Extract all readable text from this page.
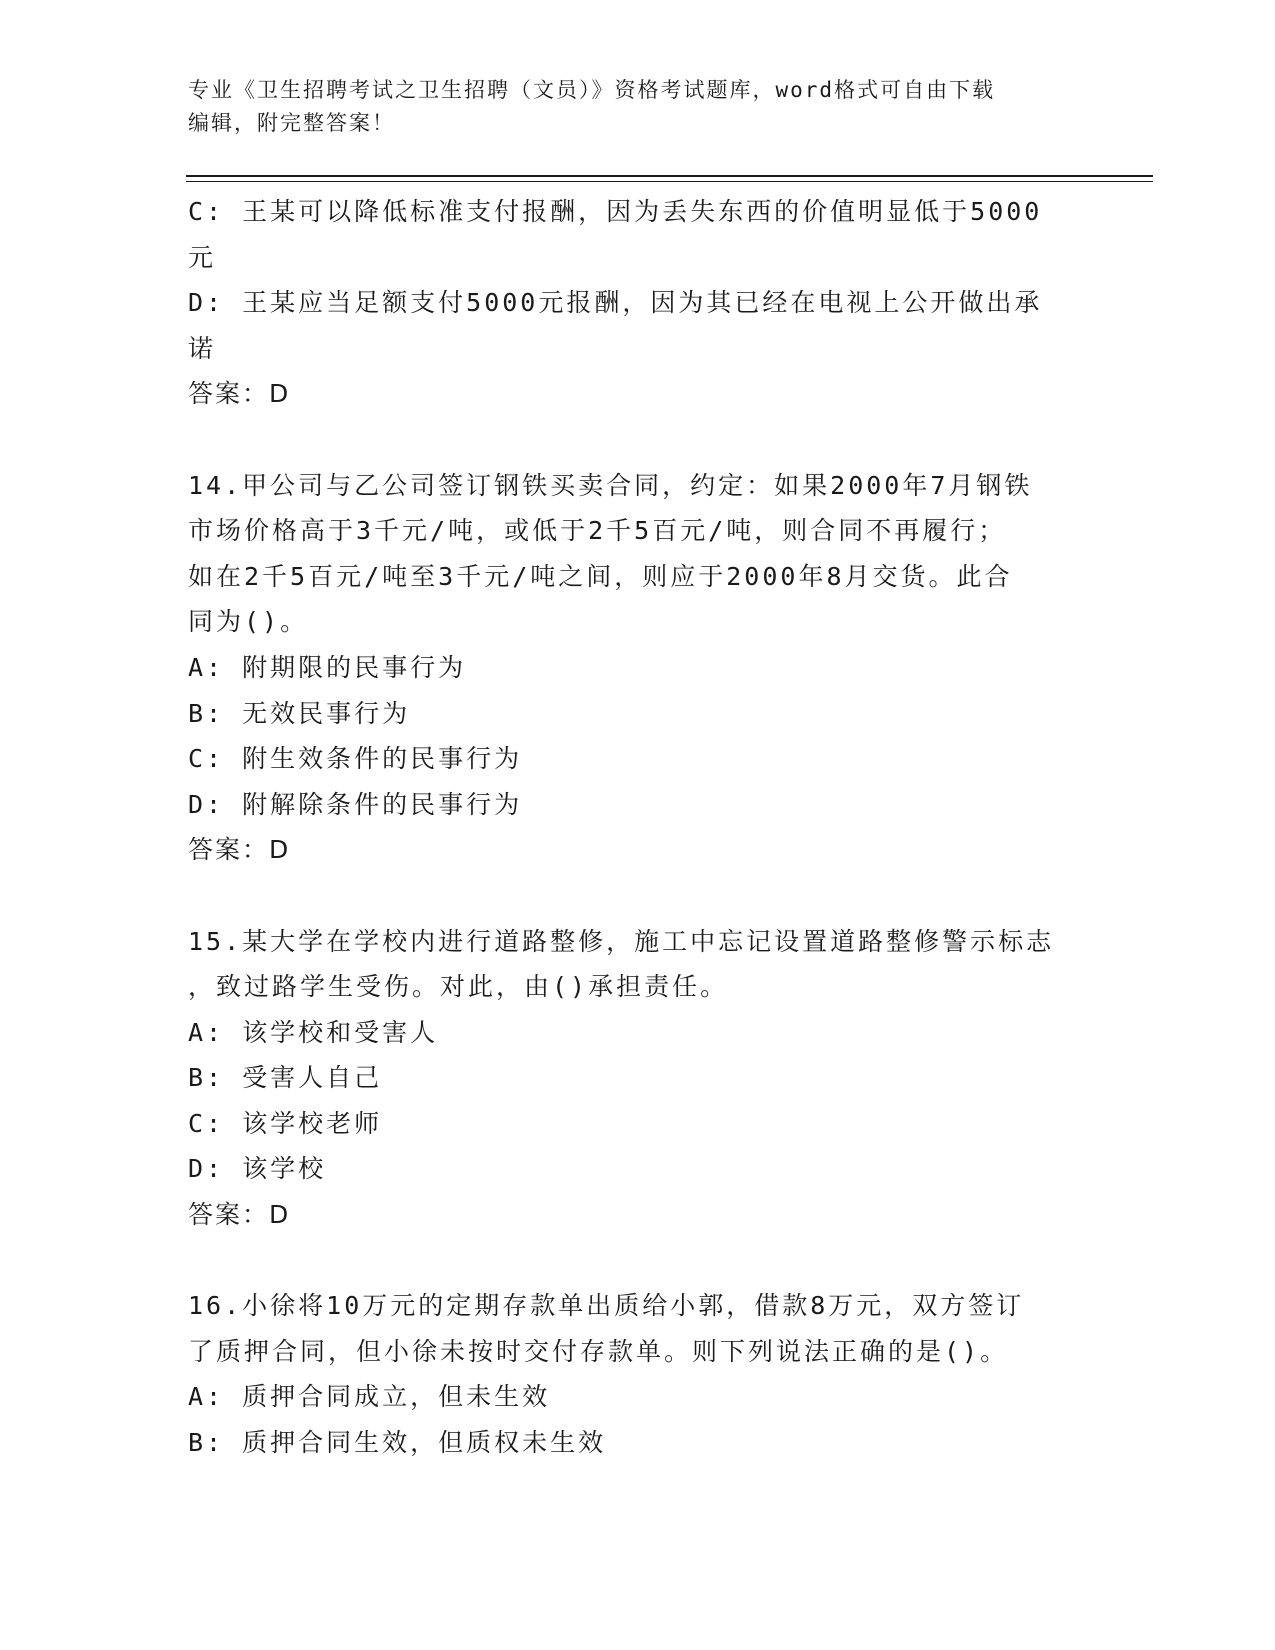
专业《卫生招聘考试之卫生招聘（文员）》资格考试题库，word格式可自由下载
编辑，附完整答案！
C: 王某可以降低标准支付报酬，因为丢失东西的价值明显低于5000
元
D: 王某应当足额支付5000元报酬，因为其已经在电视上公开做出承
诺
答案：D
14.甲公司与乙公司签订钢铁买卖合同，约定：如果2000年7月钢铁
市场价格高于3千元/吨，或低于2千5百元/吨，则合同不再履行；
如在2千5百元/吨至3千元/吨之间，则应于2000年8月交货。此合
同为()。
A: 附期限的民事行为
B: 无效民事行为
C: 附生效条件的民事行为
D: 附解除条件的民事行为
答案：D
15.某大学在学校内进行道路整修，施工中忘记设置道路整修警示标志
，致过路学生受伤。对此，由()承担责任。
A: 该学校和受害人
B: 受害人自己
C: 该学校老师
D: 该学校
答案：D
16.小徐将10万元的定期存款单出质给小郭，借款8万元，双方签订
了质押合同，但小徐未按时交付存款单。则下列说法正确的是()。
A: 质押合同成立，但未生效
B: 质押合同生效，但质权未生效
